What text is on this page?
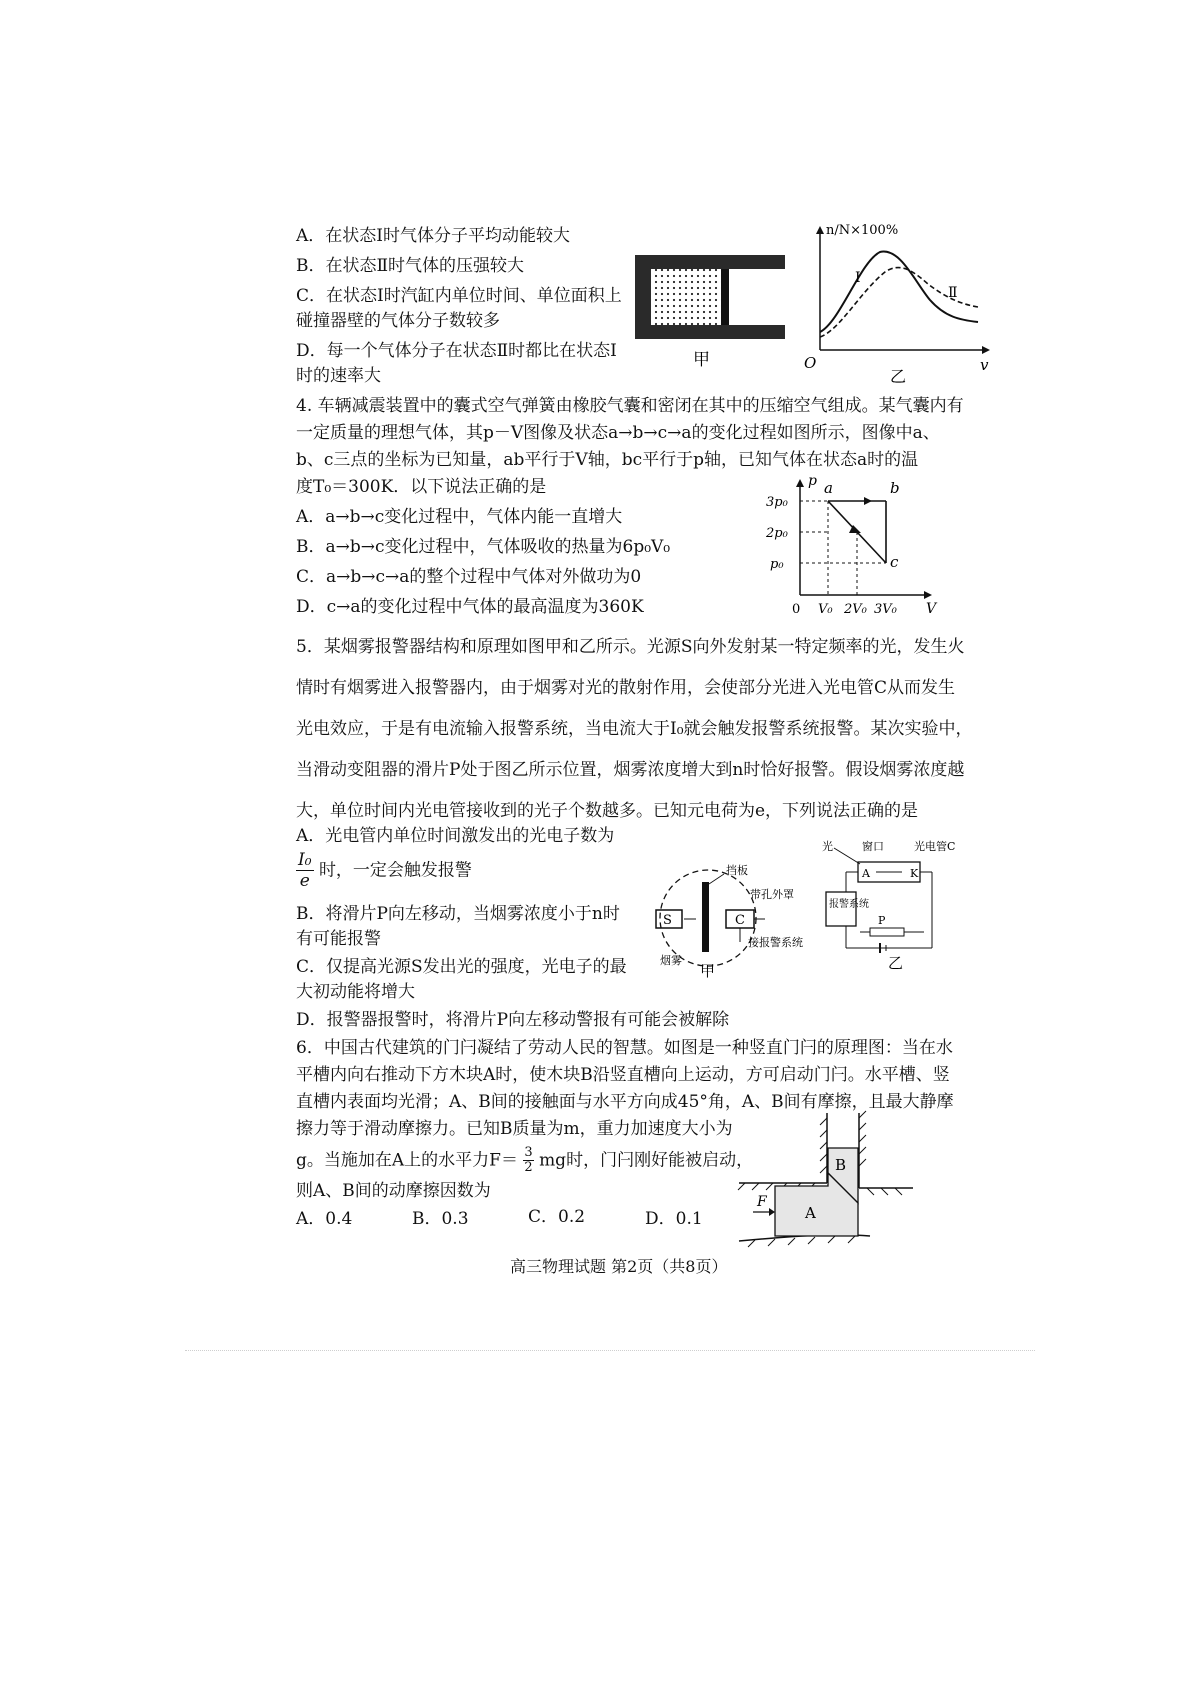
A．在状态Ⅰ时气体分子平均动能较大
B．在状态Ⅱ时气体的压强较大
C．在状态Ⅰ时汽缸内单位时间、单位面积上
碰撞器壁的气体分子数较多
D．每一个气体分子在状态Ⅱ时都比在状态Ⅰ
时的速率大
甲
n/N×100%
O	v
Ⅰ
Ⅱ
乙
4. 车辆减震装置中的囊式空气弹簧由橡胶气囊和密闭在其中的压缩空气组成。某气囊内有
一定质量的理想气体，其p－V图像及状态a→b→c→a的变化过程如图所示，图像中a、
b、c三点的坐标为已知量，ab平行于V轴，bc平行于p轴，已知气体在状态a时的温
度T₀＝300K．以下说法正确的是
A．a→b→c变化过程中，气体内能一直增大
B．a→b→c变化过程中，气体吸收的热量为6p₀V₀
C．a→b→c→a的整个过程中气体对外做功为0
D．c→a的变化过程中气体的最高温度为360K
p
V
0
3p₀
2p₀
p₀
V₀ 2V₀ 3V₀
a	b
c
5．某烟雾报警器结构和原理如图甲和乙所示。光源S向外发射某一特定频率的光，发生火
情时有烟雾进入报警器内，由于烟雾对光的散射作用，会使部分光进入光电管C从而发生
光电效应，于是有电流输入报警系统，当电流大于I₀就会触发报警系统报警。某次实验中，
当滑动变阻器的滑片P处于图乙所示位置，烟雾浓度增大到n时恰好报警。假设烟雾浓度越
大，单位时间内光电管接收到的光子个数越多。已知元电荷为e，下列说法正确的是
A．光电管内单位时间激发出的光电子数为
$\frac{\text{I₀}}{e}$ 时，一定会触发报警
B．将滑片P向左移动，当烟雾浓度小于n时
有可能报警
C．仅提高光源S发出光的强度，光电子的最
大初动能将增大
D．报警器报警时，将滑片P向左移动警报有可能会被解除
S	C
挡板
带孔外罩
接报警系统
烟雾
甲
A	K
光	窗口	光电管C
报警系统
P
乙
6．中国古代建筑的门闩凝结了劳动人民的智慧。如图是一种竖直门闩的原理图：当在水
平槽内向右推动下方木块A时，使木块B沿竖直槽向上运动，方可启动门闩。水平槽、竖
直槽内表面均光滑；A、B间的接触面与水平方向成45°角，A、B间有摩擦，且最大静摩
擦力等于滑动摩擦力。已知B质量为m，重力加速度大小为
g。当施加在A上的水平力$F= \frac{3}{2}$ mg时，门闩刚好能被启动，
则A、B间的动摩擦因数为
A．0.4	B．0.3	C．0.2	D．0.1
B
A
F
高三物理试题 第2页（共8页）
